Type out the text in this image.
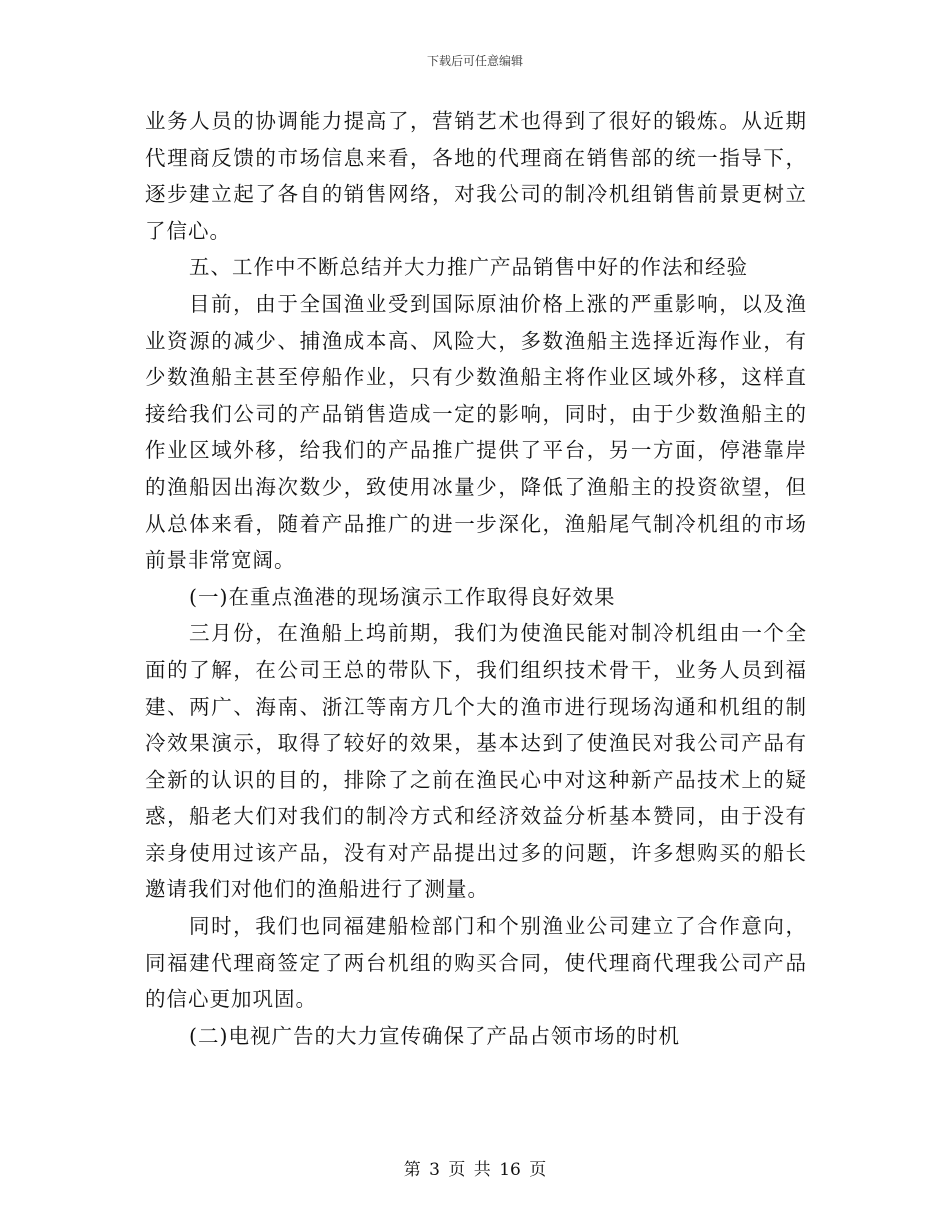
下载后可任意编辑
业务人员的协调能力提高了，营销艺术也得到了很好的锻炼。从近期
代理商反馈的市场信息来看，各地的代理商在销售部的统一指导下，
逐步建立起了各自的销售网络，对我公司的制冷机组销售前景更树立
了信心。
五、工作中不断总结并大力推广产品销售中好的作法和经验
目前，由于全国渔业受到国际原油价格上涨的严重影响，以及渔
业资源的减少、捕渔成本高、风险大，多数渔船主选择近海作业，有
少数渔船主甚至停船作业，只有少数渔船主将作业区域外移，这样直
接给我们公司的产品销售造成一定的影响，同时，由于少数渔船主的
作业区域外移，给我们的产品推广提供了平台，另一方面，停港靠岸
的渔船因出海次数少，致使用冰量少，降低了渔船主的投资欲望，但
从总体来看，随着产品推广的进一步深化，渔船尾气制冷机组的市场
前景非常宽阔。
(一)在重点渔港的现场演示工作取得良好效果
三月份，在渔船上坞前期，我们为使渔民能对制冷机组由一个全
面的了解，在公司王总的带队下，我们组织技术骨干，业务人员到福
建、两广、海南、浙江等南方几个大的渔市进行现场沟通和机组的制
冷效果演示，取得了较好的效果，基本达到了使渔民对我公司产品有
全新的认识的目的，排除了之前在渔民心中对这种新产品技术上的疑
惑，船老大们对我们的制冷方式和经济效益分析基本赞同，由于没有
亲身使用过该产品，没有对产品提出过多的问题，许多想购买的船长
邀请我们对他们的渔船进行了测量。
同时，我们也同福建船检部门和个别渔业公司建立了合作意向，
同福建代理商签定了两台机组的购买合同，使代理商代理我公司产品
的信心更加巩固。
(二)电视广告的大力宣传确保了产品占领市场的时机
第 3 页 共 16 页
